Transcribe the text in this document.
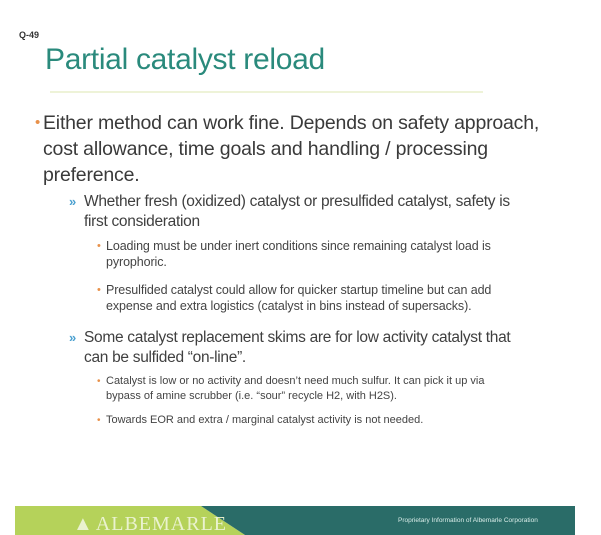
Q-49
Partial catalyst reload
• Either method can work fine. Depends on safety approach,
cost allowance, time goals and handling / processing
preference.
» Whether fresh (oxidized) catalyst or presulfided catalyst, safety is
first consideration
• Loading must be under inert conditions since remaining catalyst load is
pyrophoric.
• Presulfided catalyst could allow for quicker startup timeline but can add
expense and extra logistics (catalyst in bins instead of supersacks).
» Some catalyst replacement skims are for low activity catalyst that
can be sulfided “on-line”.
• Catalyst is low or no activity and doesn’t need much sulfur. It can pick it up via
bypass of amine scrubber (i.e. “sour” recycle H2, with H2S).
• Towards EOR and extra / marginal catalyst activity is not needed.
▲ ALBEMARLE	Proprietary Information of Albemarle Corporation
